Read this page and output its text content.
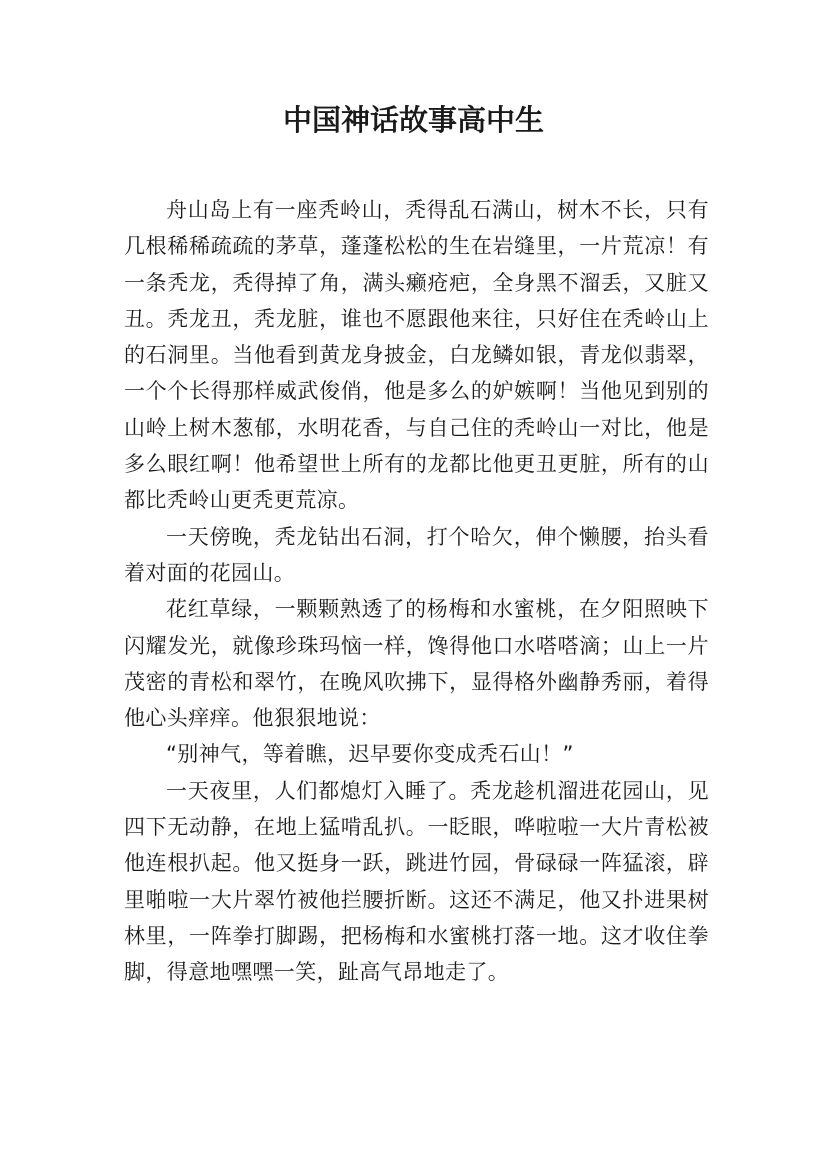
中国神话故事高中生

舟山岛上有一座秃岭山，秃得乱石满山，树木不长，只有几根稀稀疏疏的茅草，蓬蓬松松的生在岩缝里，一片荒凉！有一条秃龙，秃得掉了角，满头癞疮疤，全身黑不溜丢，又脏又丑。秃龙丑，秃龙脏，谁也不愿跟他来往，只好住在秃岭山上的石洞里。当他看到黄龙身披金，白龙鳞如银，青龙似翡翠，一个个长得那样威武俊俏，他是多么的妒嫉啊！当他见到别的山岭上树木葱郁，水明花香，与自己住的秃岭山一对比，他是多么眼红啊！他希望世上所有的龙都比他更丑更脏，所有的山都比秃岭山更秃更荒凉。

一天傍晚，秃龙钻出石洞，打个哈欠，伸个懒腰，抬头看着对面的花园山。

花红草绿，一颗颗熟透了的杨梅和水蜜桃，在夕阳照映下闪耀发光，就像珍珠玛恼一样，馋得他口水嗒嗒滴；山上一片茂密的青松和翠竹，在晚风吹拂下，显得格外幽静秀丽，着得他心头痒痒。他狠狠地说：

“别神气，等着瞧，迟早要你变成秃石山！”

一天夜里，人们都熄灯入睡了。秃龙趁机溜进花园山，见四下无动静，在地上猛啃乱扒。一眨眼，哗啦啦一大片青松被他连根扒起。他又挺身一跃，跳进竹园，骨碌碌一阵猛滚，辟里啪啦一大片翠竹被他拦腰折断。这还不满足，他又扑进果树林里，一阵拳打脚踢，把杨梅和水蜜桃打落一地。这才收住拳脚，得意地嘿嘿一笑，趾高气昂地走了。
